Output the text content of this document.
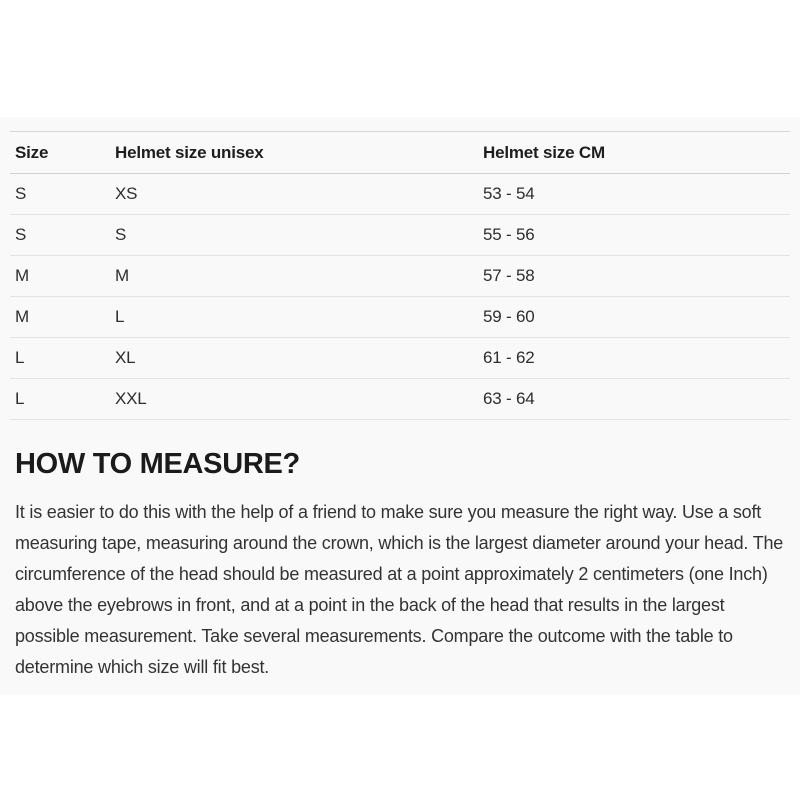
Size	Helmet size unisex	Helmet size CM
S	XS	53 - 54
S	S	55 - 56
M	M	57 - 58
M	L	59 - 60
L	XL	61 - 62
L	XXL	63 - 64
HOW TO MEASURE?

It is easier to do this with the help of a friend to make sure you measure the right way. Use a soft measuring tape, measuring around the crown, which is the largest diameter around your head. The circumference of the head should be measured at a point approximately 2 centimeters (one Inch) above the eyebrows in front, and at a point in the back of the head that results in the largest possible measurement. Take several measurements. Compare the outcome with the table to determine which size will fit best.
